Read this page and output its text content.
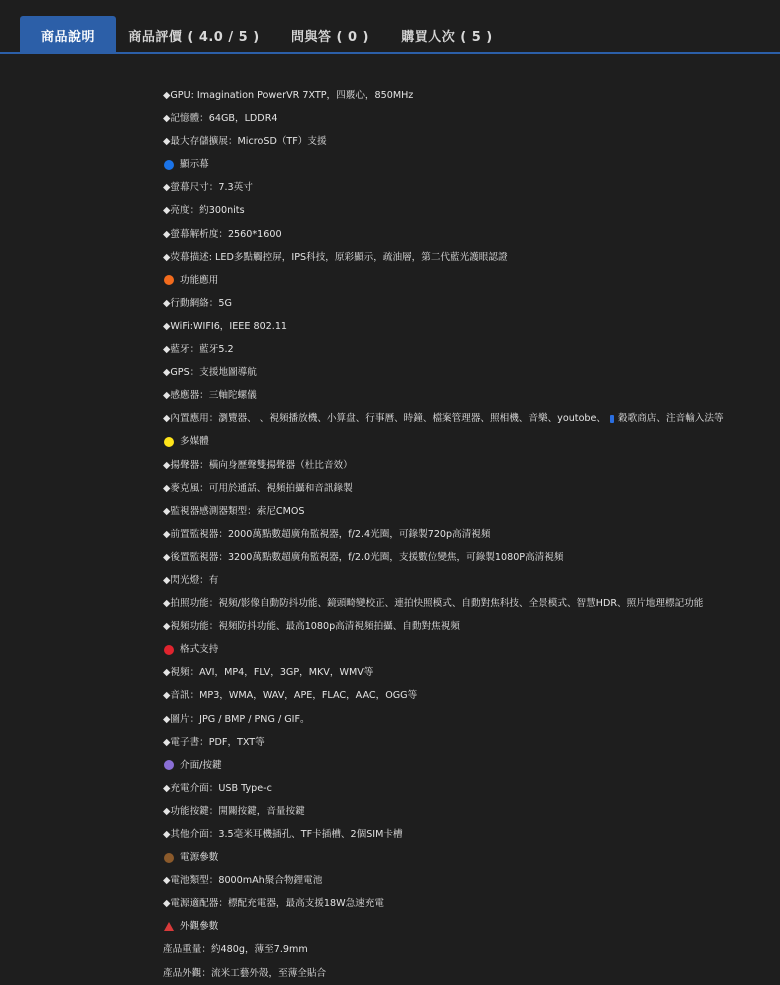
商品說明	商品評價 ( 4.0 / 5 )	問與答 ( 0 )	購買人次 ( 5 )
◆GPU: Imagination PowerVR 7XTP，四覈心，850MHz
◆記憶體：64GB，LDDR4
◆最大存儲擴展：MicroSD（TF）支援
顯示幕
◆螢幕尺寸：7.3英寸
◆亮度：約300nits
◆螢幕解析度：2560*1600
◆荧幕描述: LED多點觸控屏，IPS科技，原彩顯示，疏油層，第二代藍光護眼認證
功能應用
◆行動網絡：5G
◆WiFi:WIFI6，IEEE 802.11
◆藍牙：藍牙5.2
◆GPS：支援地圖導航
◆感應器：三軸陀螺儀
◆內置應用：瀏覽器、 、視頻播放機、小算盘、行事曆、時鐘、檔案管理器、照相機、音樂、youtobe、 穀歌商店、注音輸入法等
多媒體
◆揚聲器：橫向身歷聲雙揚聲器（杜比音效）
◆麥克風：可用於通話、視頻拍攝和音訊錄製
◆監視器感測器類型：索尼CMOS
◆前置監視器：2000萬點數超廣角監視器，f/2.4光圈，可錄製720p高清視頻
◆後置監視器：3200萬點數超廣角監視器，f/2.0光圈，支援數位變焦，可錄製1080P高清視頻
◆閃光燈：有
◆拍照功能：視頻/影像自動防抖功能、鏡頭畸變校正、連拍快照模式、自動對焦科技、全景模式、智慧HDR、照片地理標記功能
◆視頻功能：視頻防抖功能、最高1080p高清視頻拍攝、自動對焦視頻
格式支持
◆視頻：AVI，MP4，FLV，3GP，MKV，WMV等
◆音訊：MP3，WMA，WAV，APE，FLAC，AAC，OGG等
◆圖片：JPG / BMP / PNG / GIF。
◆電子書：PDF，TXT等
介面/按鍵
◆充電介面：USB Type-c
◆功能按鍵：開關按鍵，音量按鍵
◆其他介面：3.5毫米耳機插孔、TF卡插槽、2個SIM卡槽
電源參數
◆電池類型：8000mAh聚合物鋰電池
◆電源適配器：標配充電器，最高支援18W急速充電
外觀參數
產品重量：約480g，薄至7.9mm
產品外觀：流米工藝外殼，至薄全貼合
